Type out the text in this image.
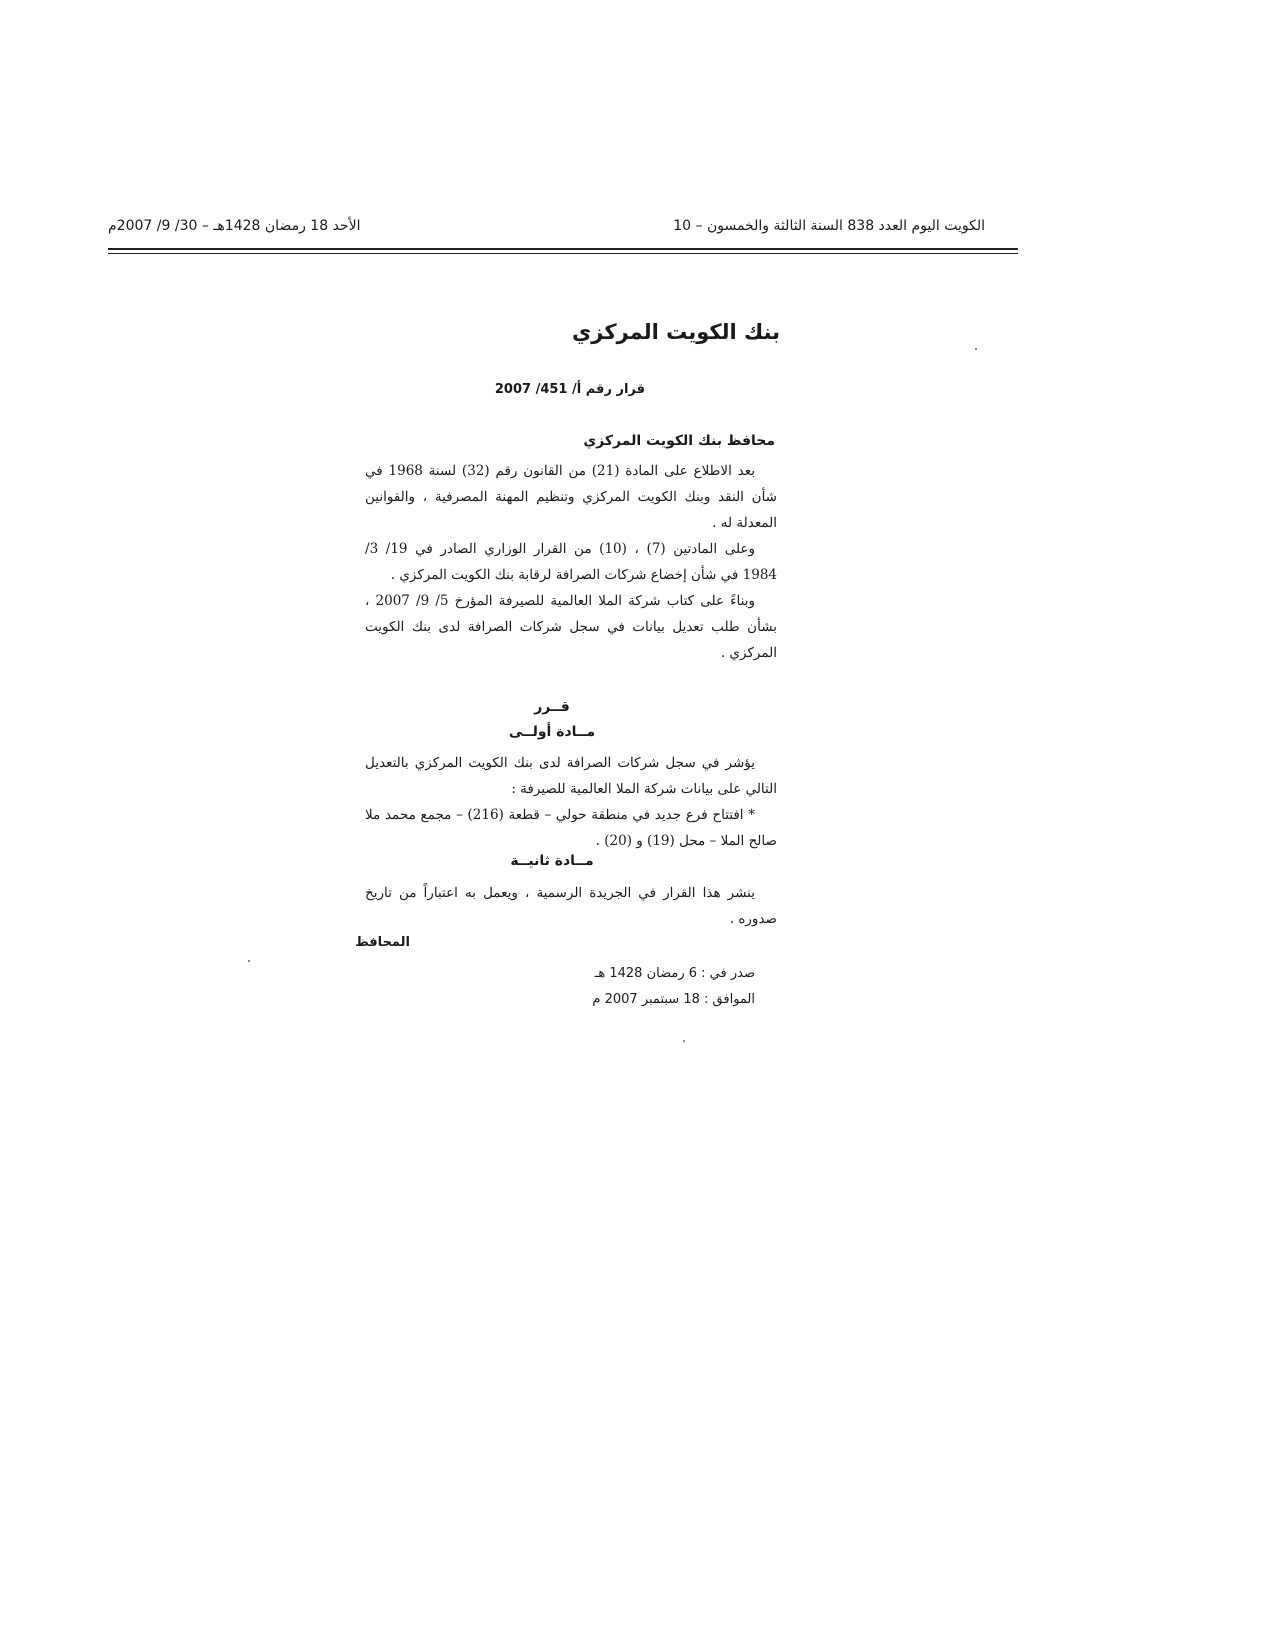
الكويت اليوم العدد 838 السنة الثالثة والخمسون – 10
الأحد 18 رمضان 1428هـ – 30/ 9/ 2007م
بنك الكويت المركزي
قرار رقم أ/ 451/ 2007
محافظ بنك الكويت المركزي

بعد الاطلاع على المادة (21) من القانون رقم (32) لسنة 1968 في شأن النقد وبنك الكويت المركزي وتنظيم المهنة المصرفية ، والقوانين المعدلة له .

وعلى المادتين (7) ، (10) من القرار الوزاري الصادر في 19/ 3/ 1984 في شأن إخضاع شركات الصرافة لرقابة بنك الكويت المركزي .

وبناءً على كتاب شركة الملا العالمية للصيرفة المؤرخ 5/ 9/ 2007 ، بشأن طلب تعديل بيانات في سجل شركات الصرافة لدى بنك الكويت المركزي .

قــرر
مــادة أولــى

يؤشر في سجل شركات الصرافة لدى بنك الكويت المركزي بالتعديل التالي على بيانات شركة الملا العالمية للصيرفة :

* افتتاح فرع جديد في منطقة حولي – قطعة (216) – مجمع محمد ملا صالح الملا – محل (19) و (20) .

مــادة ثانيــة

ينشر هذا القرار في الجريدة الرسمية ، ويعمل به اعتباراً من تاريخ صدوره .

المحافظ
صدر في : 6 رمضان 1428 هـ
الموافق : 18 سبتمبر 2007 م
